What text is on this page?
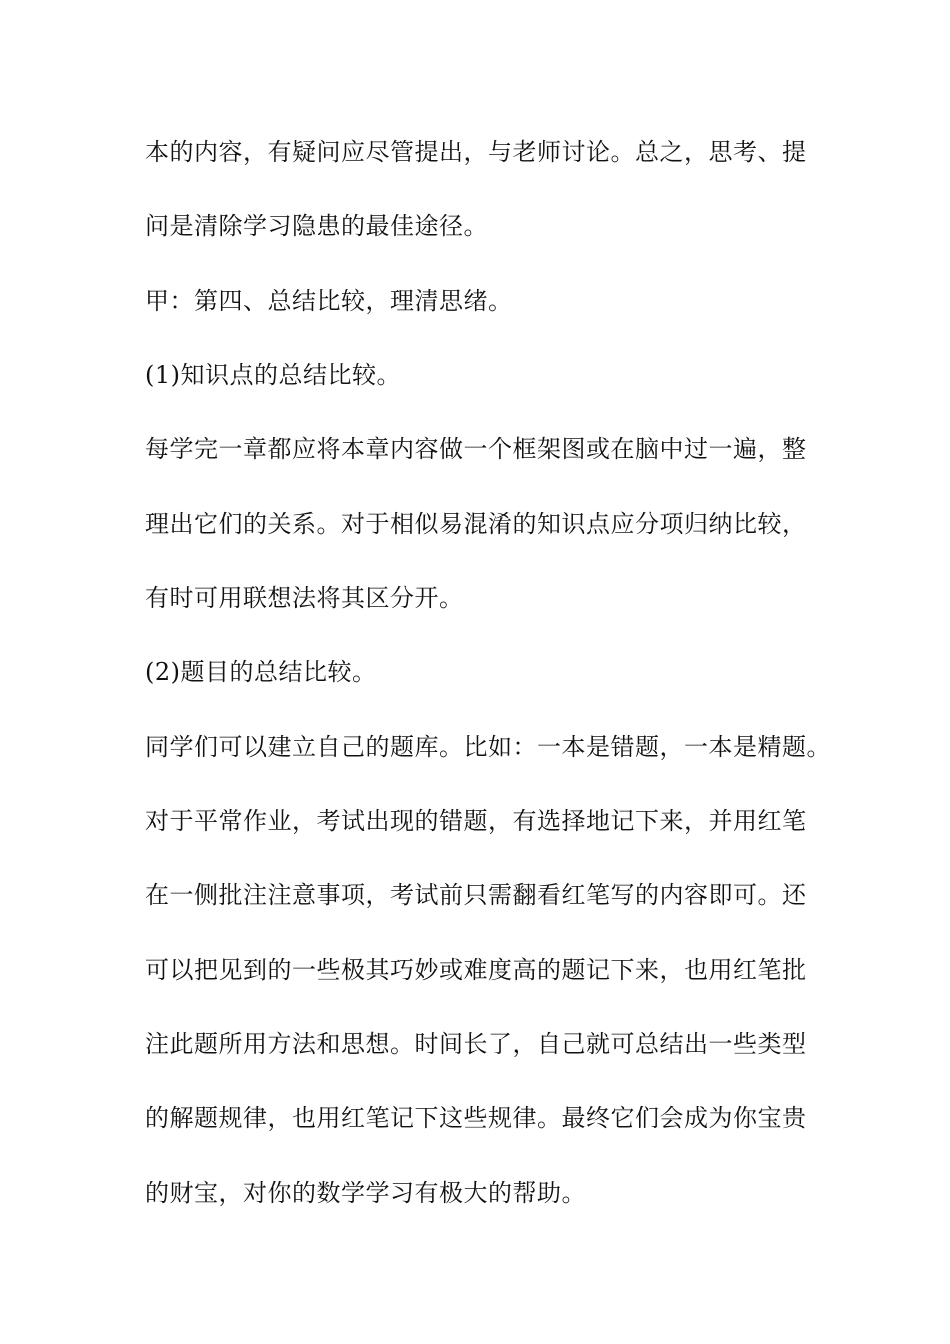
本的内容，有疑问应尽管提出，与老师讨论。总之，思考、提
问是清除学习隐患的最佳途径。
甲：第四、总结比较，理清思绪。
(1)知识点的总结比较。
每学完一章都应将本章内容做一个框架图或在脑中过一遍，整
理出它们的关系。对于相似易混淆的知识点应分项归纳比较，
有时可用联想法将其区分开。
(2)题目的总结比较。
同学们可以建立自己的题库。比如：一本是错题，一本是精题。
对于平常作业，考试出现的错题，有选择地记下来，并用红笔
在一侧批注注意事项，考试前只需翻看红笔写的内容即可。还
可以把见到的一些极其巧妙或难度高的题记下来，也用红笔批
注此题所用方法和思想。时间长了，自己就可总结出一些类型
的解题规律，也用红笔记下这些规律。最终它们会成为你宝贵
的财宝，对你的数学学习有极大的帮助。
